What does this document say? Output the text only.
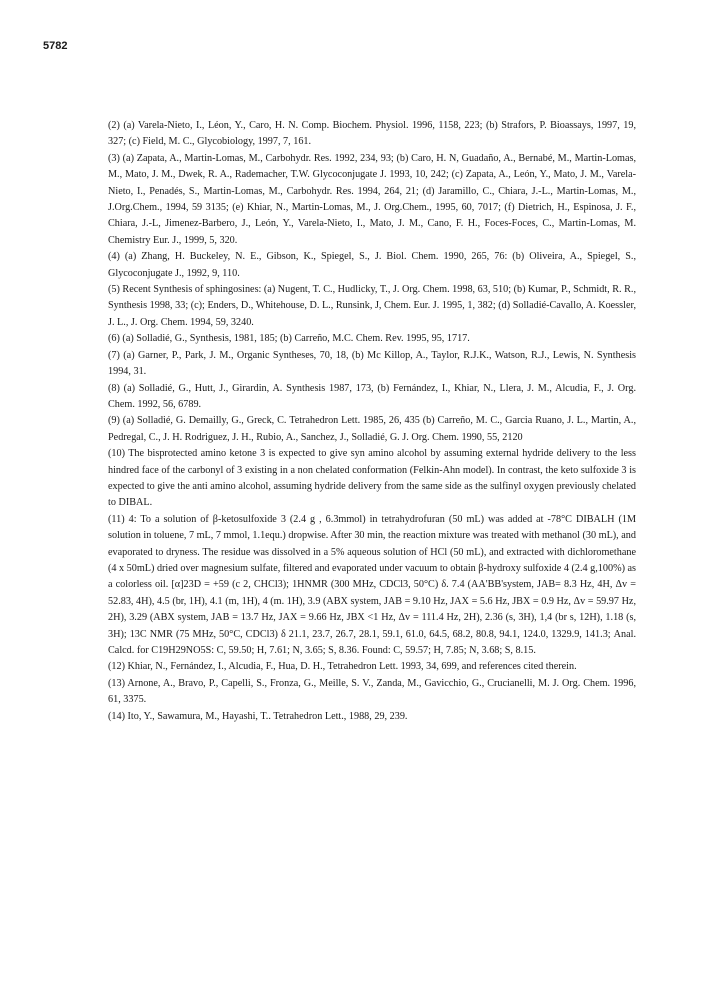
5782

(2) (a) Varela-Nieto, I., Léon, Y., Caro, H. N. Comp. Biochem. Physiol. 1996, 1158, 223; (b) Strafors, P. Bioassays, 1997, 19, 327; (c) Field, M. C., Glycobiology, 1997, 7, 161.

(3) (a) Zapata, A., Martin-Lomas, M., Carbohydr. Res. 1992, 234, 93; (b) Caro, H. N, Guadaño, A., Bernabé, M., Martin-Lomas, M., Mato, J. M., Dwek, R. A., Rademacher, T.W. Glycoconjugate J. 1993, 10, 242; (c) Zapata, A., León, Y., Mato, J. M., Varela-Nieto, I., Penadés, S., Martin-Lomas, M., Carbohydr. Res. 1994, 264, 21; (d) Jaramillo, C., Chiara, J.-L., Martin-Lomas, M., J.Org.Chem., 1994, 59 3135; (e) Khiar, N., Martin-Lomas, M., J. Org.Chem., 1995, 60, 7017; (f) Dietrich, H., Espinosa, J. F., Chiara, J.-L, Jimenez-Barbero, J., León, Y., Varela-Nieto, I., Mato, J. M., Cano, F. H., Foces-Foces, C., Martin-Lomas, M. Chemistry Eur. J., 1999, 5, 320.

(4) (a) Zhang, H. Buckeley, N. E., Gibson, K., Spiegel, S., J. Biol. Chem. 1990, 265, 76: (b) Oliveira, A., Spiegel, S., Glycoconjugate J., 1992, 9, 110.

(5) Recent Synthesis of sphingosines: (a) Nugent, T. C., Hudlicky, T., J. Org. Chem. 1998, 63, 510; (b) Kumar, P., Schmidt, R. R., Synthesis 1998, 33; (c); Enders, D., Whitehouse, D. L., Runsink, J, Chem. Eur. J. 1995, 1, 382; (d) Solladié-Cavallo, A. Koessler, J. L., J. Org. Chem. 1994, 59, 3240.

(6) (a) Solladié, G., Synthesis, 1981, 185; (b) Carreño, M.C. Chem. Rev. 1995, 95, 1717.

(7) (a) Garner, P., Park, J. M., Organic Syntheses, 70, 18, (b) Mc Killop, A., Taylor, R.J.K., Watson, R.J., Lewis, N. Synthesis 1994, 31.

(8) (a) Solladié, G., Hutt, J., Girardin, A. Synthesis 1987, 173, (b) Fernández, I., Khiar, N., Llera, J. M., Alcudia, F., J. Org. Chem. 1992, 56, 6789.

(9) (a) Solladié, G. Demailly, G., Greck, C. Tetrahedron Lett. 1985, 26, 435 (b) Carreño, M. C., Garcia Ruano, J. L., Martin, A., Pedregal, C., J. H. Rodriguez, J. H., Rubio, A., Sanchez, J., Solladié, G. J. Org. Chem. 1990, 55, 2120

(10) The bisprotected amino ketone 3 is expected to give syn amino alcohol by assuming external hydride delivery to the less hindred face of the carbonyl of 3 existing in a non chelated conformation (Felkin-Ahn model). In contrast, the keto sulfoxide 3 is expected to give the anti amino alcohol, assuming hydride delivery from the same side as the sulfinyl oxygen previously chelated to DIBAL.

(11) 4: To a solution of β-ketosulfoxide 3 (2.4 g , 6.3mmol) in tetrahydrofuran (50 mL) was added at -78°C DIBALH (1M solution in toluene, 7 mL, 7 mmol, 1.1equ.) dropwise. After 30 min, the reaction mixture was treated with methanol (30 mL), and evaporated to dryness. The residue was dissolved in a 5% aqueous solution of HCl (50 mL), and extracted with dichloromethane (4 x 50mL) dried over magnesium sulfate, filtered and evaporated under vacuum to obtain β-hydroxy sulfoxide 4 (2.4 g,100%) as a colorless oil. [α]23D = +59 (c 2, CHCl3); 1HNMR (300 MHz, CDCl3, 50°C) δ. 7.4 (AA'BB'system, JAB= 8.3 Hz, 4H, Δv = 52.83, 4H), 4.5 (br, 1H), 4.1 (m, 1H), 4 (m. 1H), 3.9 (ABX system, JAB = 9.10 Hz, JAX = 5.6 Hz, JBX = 0.9 Hz, Δv = 59.97 Hz, 2H), 3.29 (ABX system, JAB = 13.7 Hz, JAX = 9.66 Hz, JBX <1 Hz, Δv = 111.4 Hz, 2H), 2.36 (s, 3H), 1,4 (br s, 12H), 1.18 (s, 3H); 13C NMR (75 MHz, 50°C, CDCl3) δ 21.1, 23.7, 26.7, 28.1, 59.1, 61.0, 64.5, 68.2, 80.8, 94.1, 124.0, 1329.9, 141.3; Anal. Calcd. for C19H29NO5S: C, 59.50; H, 7.61; N, 3.65; S, 8.36. Found: C, 59.57; H, 7.85; N, 3.68; S, 8.15.

(12) Khiar, N., Fernández, I., Alcudia, F., Hua, D. H., Tetrahedron Lett. 1993, 34, 699, and references cited therein.

(13) Arnone, A., Bravo, P., Capelli, S., Fronza, G., Meille, S. V., Zanda, M., Gavicchio, G., Crucianelli, M. J. Org. Chem. 1996, 61, 3375.

(14) Ito, Y., Sawamura, M., Hayashi, T.. Tetrahedron Lett., 1988, 29, 239.
